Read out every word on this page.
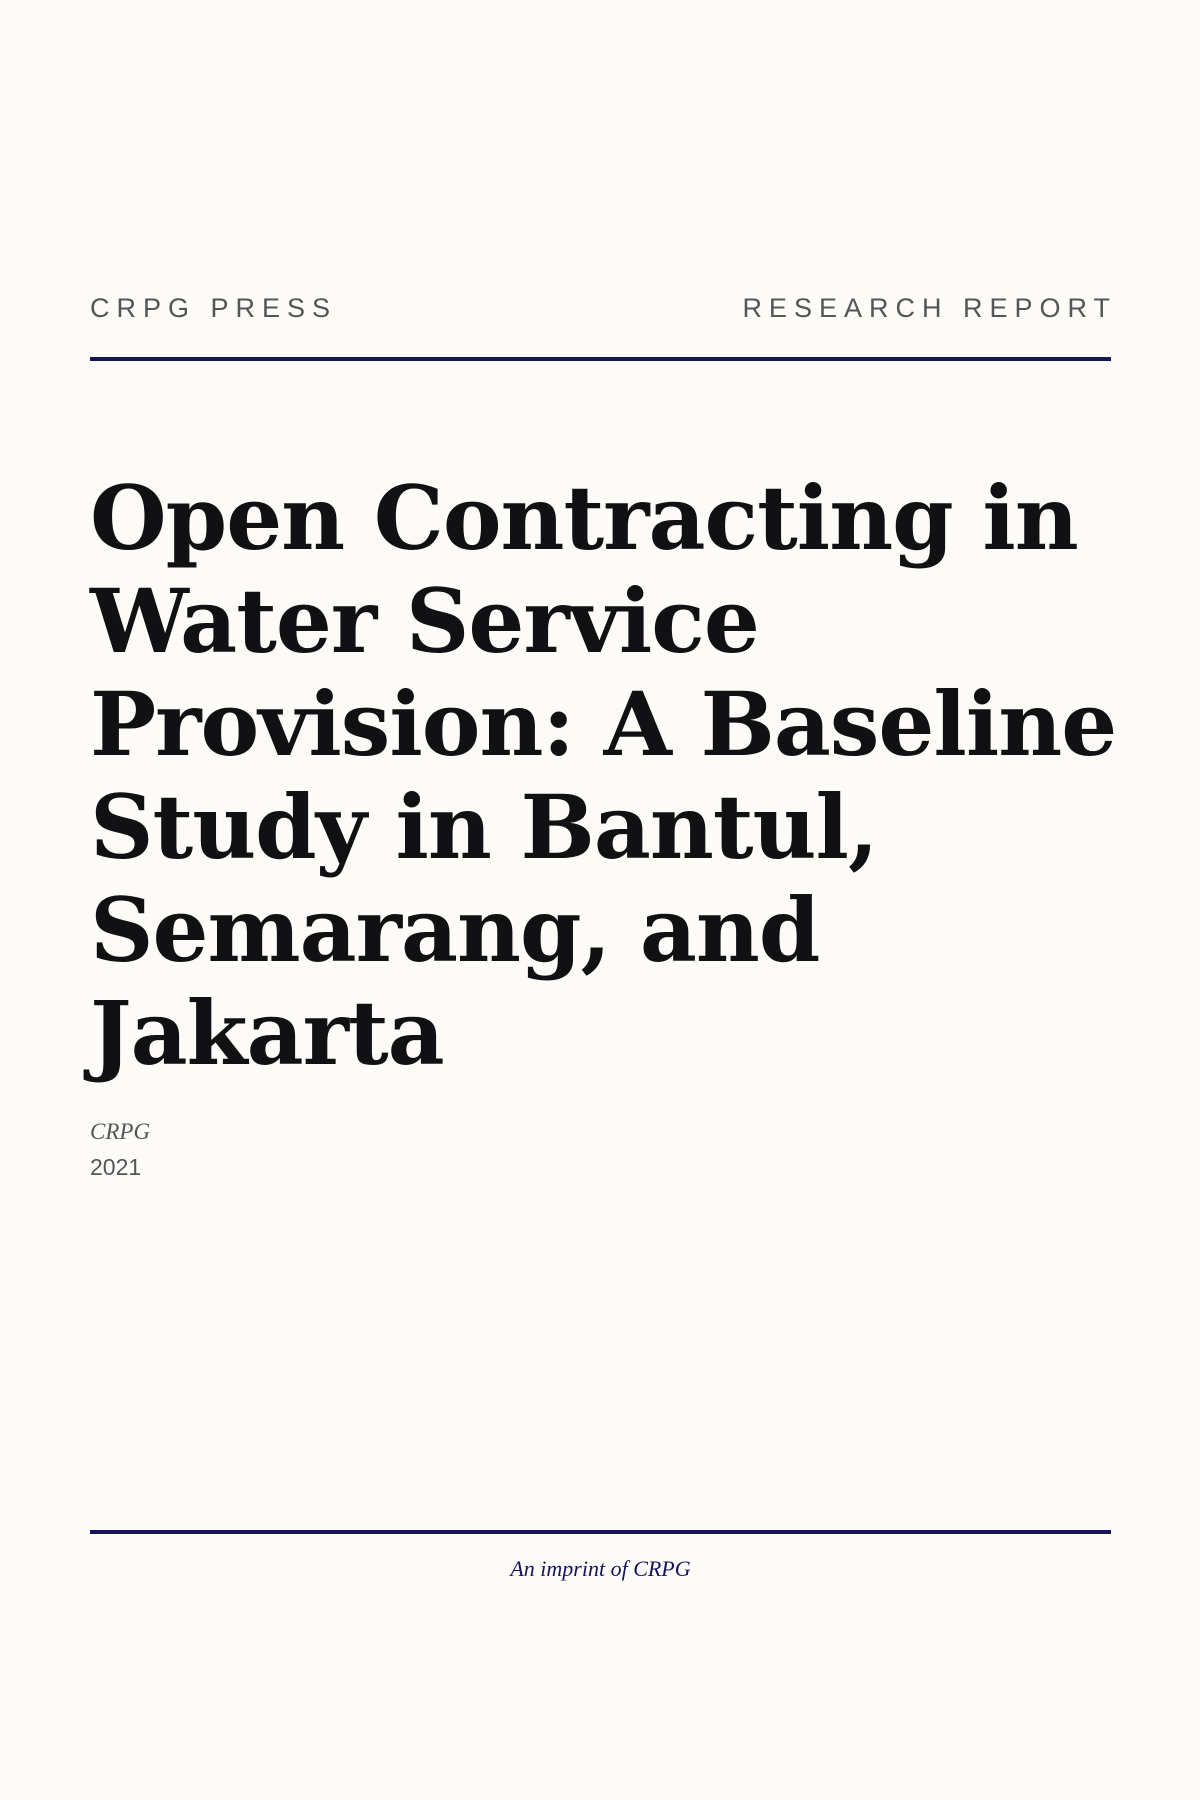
CRPG PRESS	RESEARCH REPORT
Open Contracting in Water Service Provision: A Baseline Study in Bantul, Semarang, and Jakarta
CRPG
2021
An imprint of CRPG
